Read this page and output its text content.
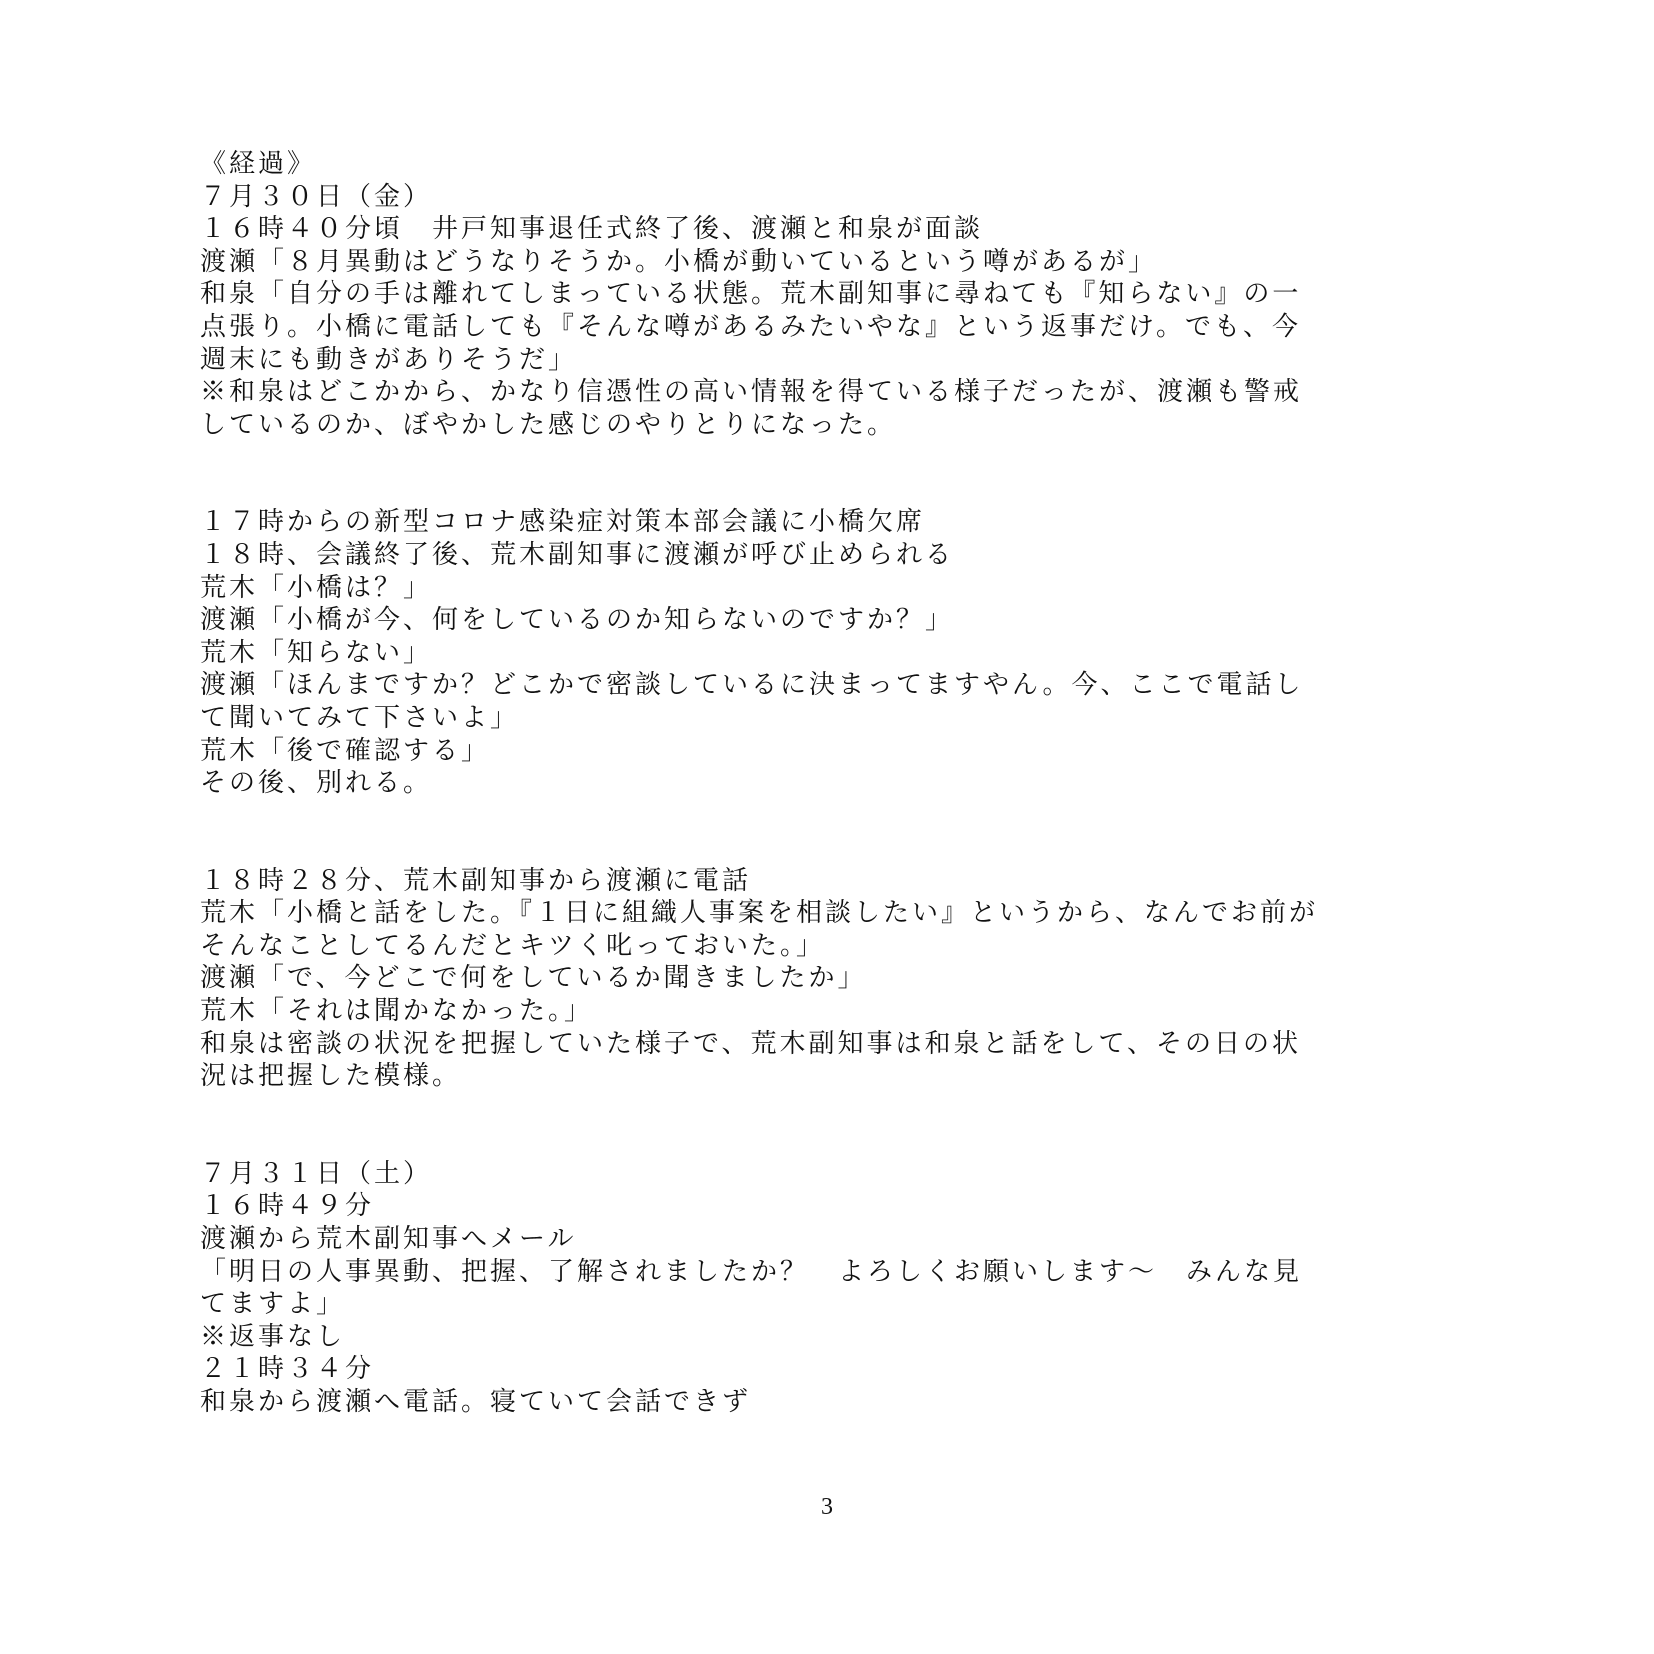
《経過》
７月３０日（金）
１６時４０分頃　井戸知事退任式終了後、渡瀬と和泉が面談
渡瀬「８月異動はどうなりそうか。小橋が動いているという噂があるが」
和泉「自分の手は離れてしまっている状態。荒木副知事に尋ねても『知らない』の一
点張り。小橋に電話しても『そんな噂があるみたいやな』という返事だけ。でも、今
週末にも動きがありそうだ」
※和泉はどこかから、かなり信憑性の高い情報を得ている様子だったが、渡瀬も警戒
しているのか、ぼやかした感じのやりとりになった。
１７時からの新型コロナ感染症対策本部会議に小橋欠席
１８時、会議終了後、荒木副知事に渡瀬が呼び止められる
荒木「小橋は？」
渡瀬「小橋が今、何をしているのか知らないのですか？」
荒木「知らない」
渡瀬「ほんまですか？どこかで密談しているに決まってますやん。今、ここで電話し
て聞いてみて下さいよ」
荒木「後で確認する」
その後、別れる。
１８時２８分、荒木副知事から渡瀬に電話
荒木「小橋と話をした。『１日に組織人事案を相談したい』というから、なんでお前が
そんなことしてるんだとキツく叱っておいた。」
渡瀬「で、今どこで何をしているか聞きましたか」
荒木「それは聞かなかった。」
和泉は密談の状況を把握していた様子で、荒木副知事は和泉と話をして、その日の状
況は把握した模様。
７月３１日（土）
１６時４９分
渡瀬から荒木副知事へメール
「明日の人事異動、把握、了解されましたか？　よろしくお願いします〜　みんな見
てますよ」
※返事なし
２１時３４分
和泉から渡瀬へ電話。寝ていて会話できず
3
